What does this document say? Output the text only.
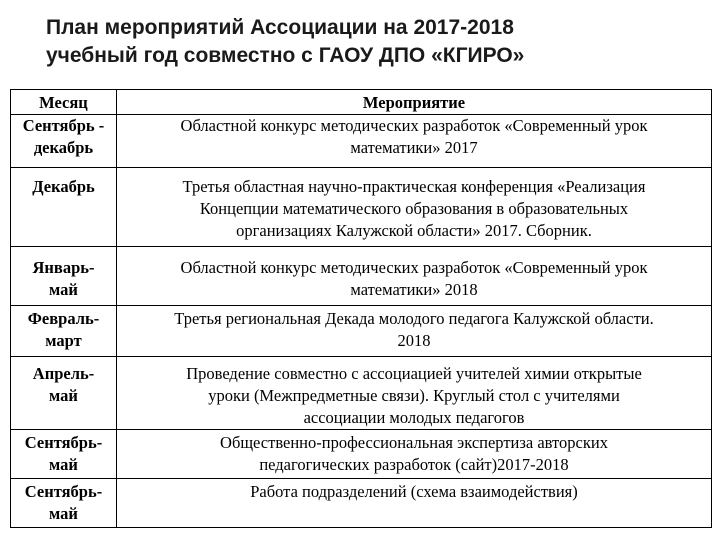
План мероприятий Ассоциации на 2017-2018
учебный год совместно с ГАОУ ДПО «КГИРО»
Месяц	Мероприятие

Сентябрь -
декабрь	Областной конкурс методических разработок «Современный урок
математики» 2017

Декабрь	Третья областная научно-практическая конференция «Реализация
Концепции математического образования в образовательных
организациях Калужской области» 2017. Сборник.

Январь-
май	Областной конкурс методических разработок «Современный урок
математики» 2018

Февраль-
март	Третья региональная Декада молодого педагога Калужской области.
2018

Апрель-
май	Проведение совместно с ассоциацией учителей химии открытые
уроки (Межпредметные связи). Круглый стол с учителями
ассоциации молодых педагогов

Сентябрь-
май	Общественно-профессиональная экспертиза авторских
педагогических разработок (сайт)2017-2018

Сентябрь-
май	Работа подразделений (схема взаимодействия)
